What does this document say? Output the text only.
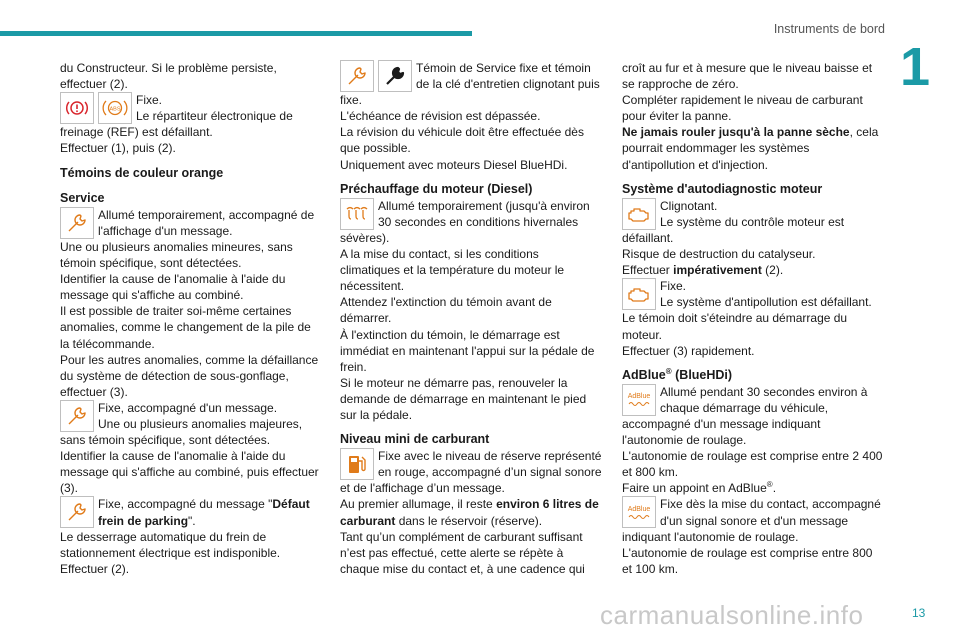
Instruments de bord
1

du Constructeur. Si le problème persiste, effectuer (2).

ABS

Fixe.

Le répartiteur électronique de freinage (REF) est défaillant.

Effectuer (1), puis (2).

Témoins de couleur orange
Service

Allumé temporairement, accompagné de l'affichage d'un message.

Une ou plusieurs anomalies mineures, sans témoin spécifique, sont détectées.

Identifier la cause de l'anomalie à l'aide du message qui s'affiche au combiné.

Il est possible de traiter soi-même certaines anomalies, comme le changement de la pile de la télécommande.

Pour les autres anomalies, comme la défaillance du système de détection de sous-gonflage, effectuer (3).

Fixe, accompagné d'un message.

Une ou plusieurs anomalies majeures, sans témoin spécifique, sont détectées.

Identifier la cause de l'anomalie à l'aide du message qui s'affiche au combiné, puis effectuer (3).

Fixe, accompagné du message "Défaut frein de parking".

Le desserrage automatique du frein de stationnement électrique est indisponible.

Effectuer (2).

Témoin de Service fixe et témoin de la clé d'entretien clignotant puis fixe.

L'échéance de révision est dépassée.

La révision du véhicule doit être effectuée dès que possible.

Uniquement avec moteurs Diesel BlueHDi.

Préchauffage du moteur (Diesel)

Allumé temporairement (jusqu'à environ 30 secondes en conditions hivernales sévères).

A la mise du contact, si les conditions climatiques et la température du moteur le nécessitent.

Attendez l'extinction du témoin avant de démarrer.

À l'extinction du témoin, le démarrage est immédiat en maintenant l'appui sur la pédale de frein.

Si le moteur ne démarre pas, renouveler la demande de démarrage en maintenant le pied sur la pédale.

Niveau mini de carburant

Fixe avec le niveau de réserve représenté en rouge, accompagné d’un signal sonore et de l'affichage d’un message.

Au premier allumage, il reste environ 6 litres de carburant dans le réservoir (réserve).

Tant qu’un complément de carburant suffisant n’est pas effectué, cette alerte se répète à chaque mise du contact et, à une cadence qui

croît au fur et à mesure que le niveau baisse et se rapproche de zéro.

Compléter rapidement le niveau de carburant pour éviter la panne.

Ne jamais rouler jusqu'à la panne sèche, cela pourrait endommager les systèmes d'antipollution et d'injection.

Système d'autodiagnostic moteur

Clignotant.

Le système du contrôle moteur est défaillant.

Risque de destruction du catalyseur.

Effectuer impérativement (2).

Fixe.

Le système d'antipollution est défaillant.

Le témoin doit s'éteindre au démarrage du moteur.

Effectuer (3) rapidement.

AdBlue® (BlueHDi)
AdBlue Allumé pendant 30 secondes environ à chaque démarrage du véhicule, accompagné d'un message indiquant l'autonomie de roulage.

L'autonomie de roulage est comprise entre 2 400 et 800 km.

Faire un appoint en AdBlue®.

AdBlue Fixe dès la mise du contact, accompagné d'un signal sonore et d'un message indiquant l'autonomie de roulage.

L'autonomie de roulage est comprise entre 800 et 100 km.

carmanualsonline.info	13
